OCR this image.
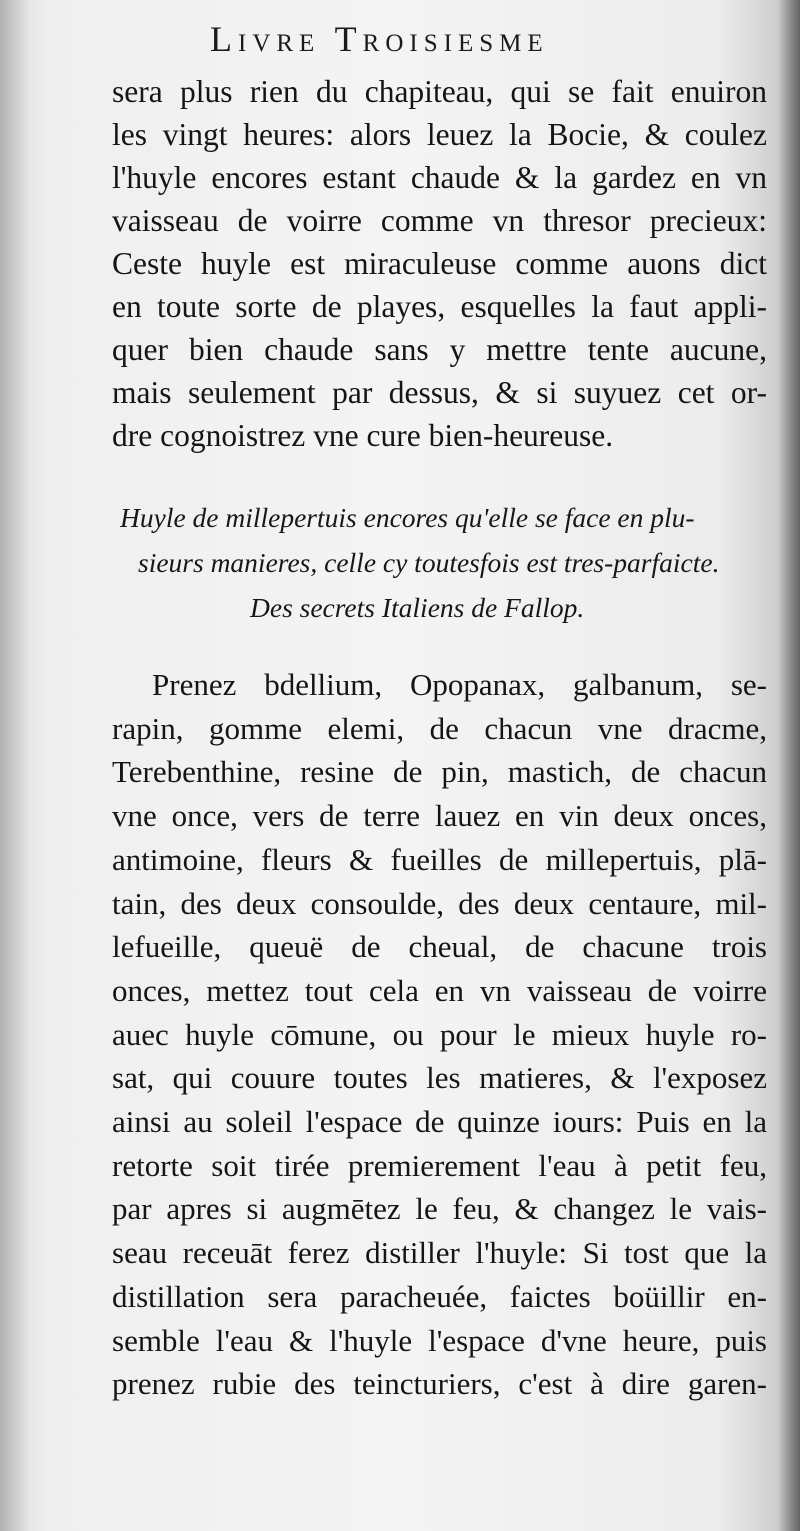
Livre Troisiesme
sera plus rien du chapiteau, qui se fait enuiron
les vingt heures: alors leuez la Bocie, & coulez
l'huyle encores estant chaude & la gardez en vn
vaisseau de voirre comme vn thresor precieux:
Ceste huyle est miraculeuse comme auons dict
en toute sorte de playes, esquelles la faut appli-
quer bien chaude sans y mettre tente aucune,
mais seulement par dessus, & si suyuez cet or-
dre cognoistrez vne cure bien-heureuse.
Huyle de millepertuis encores qu'elle se face en plu-
sieurs manieres, celle cy toutesfois est tres-parfaicte.
Des secrets Italiens de Fallop.
Prenez bdellium, Opopanax, galbanum, se-
rapin, gomme elemi, de chacun vne dracme,
Terebenthine, resine de pin, mastich, de chacun
vne once, vers de terre lauez en vin deux onces,
antimoine, fleurs & fueilles de millepertuis, plā-
tain, des deux consoulde, des deux centaure, mil-
lefueille, queuë de cheual, de chacune trois
onces, mettez tout cela en vn vaisseau de voirre
auec huyle cōmune, ou pour le mieux huyle ro-
sat, qui couure toutes les matieres, & l'exposez
ainsi au soleil l'espace de quinze iours: Puis en la
retorte soit tirée premierement l'eau à petit feu,
par apres si augmētez le feu, & changez le vais-
seau receuāt ferez distiller l'huyle: Si tost que la
distillation sera paracheuée, faictes boüillir en-
semble l'eau & l'huyle l'espace d'vne heure, puis
prenez rubie des teincturiers, c'est à dire garen-
